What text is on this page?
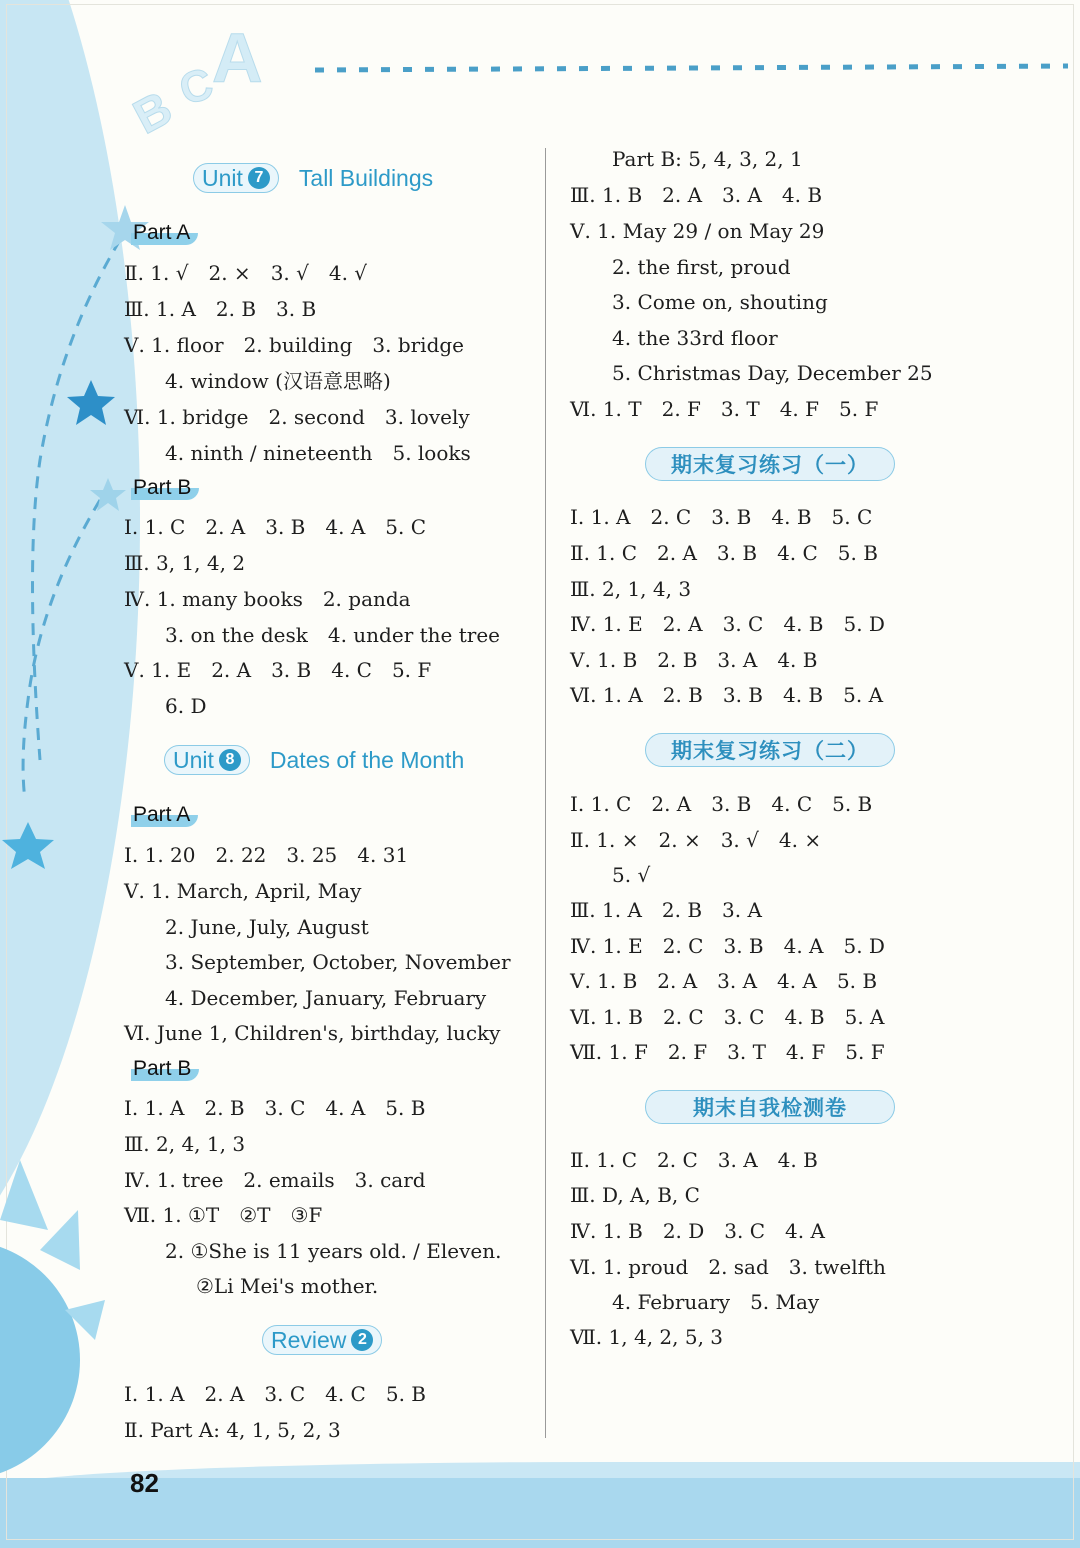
B
C
A
Unit 7 Tall Buildings
Part A
Ⅱ. 1. √　2. ×　3. √　4. √
Ⅲ. 1. A　2. B　3. B
Ⅴ. 1. floor　2. building　3. bridge
4. window (汉语意思略)
Ⅵ. 1. bridge　2. second　3. lovely
4. ninth / nineteenth　5. looks
Part B
Ⅰ. 1. C　2. A　3. B　4. A　5. C
Ⅲ. 3, 1, 4, 2
Ⅳ. 1. many books　2. panda
3. on the desk　4. under the tree
Ⅴ. 1. E　2. A　3. B　4. C　5. F
6. D
Unit 8 Dates of the Month
Part A
Ⅰ. 1. 20　2. 22　3. 25　4. 31
Ⅴ. 1. March, April, May
2. June, July, August
3. September, October, November
4. December, January, February
Ⅵ. June 1, Children's, birthday, lucky
Part B
Ⅰ. 1. A　2. B　3. C　4. A　5. B
Ⅲ. 2, 4, 1, 3
Ⅳ. 1. tree　2. emails　3. card
Ⅶ. 1. ①T　②T　③F
2. ①She is 11 years old. / Eleven.
②Li Mei's mother.
Review 2
Ⅰ. 1. A　2. A　3. C　4. C　5. B
Ⅱ. Part A: 4, 1, 5, 2, 3
Part B: 5, 4, 3, 2, 1
Ⅲ. 1. B　2. A　3. A　4. B
Ⅴ. 1. May 29 / on May 29
2. the first, proud
3. Come on, shouting
4. the 33rd floor
5. Christmas Day, December 25
Ⅵ. 1. T　2. F　3. T　4. F　5. F
期末复习练习（一）
Ⅰ. 1. A　2. C　3. B　4. B　5. C
Ⅱ. 1. C　2. A　3. B　4. C　5. B
Ⅲ. 2, 1, 4, 3
Ⅳ. 1. E　2. A　3. C　4. B　5. D
Ⅴ. 1. B　2. B　3. A　4. B
Ⅵ. 1. A　2. B　3. B　4. B　5. A
期末复习练习（二）
Ⅰ. 1. C　2. A　3. B　4. C　5. B
Ⅱ. 1. ×　2. ×　3. √　4. ×
5. √
Ⅲ. 1. A　2. B　3. A
Ⅳ. 1. E　2. C　3. B　4. A　5. D
Ⅴ. 1. B　2. A　3. A　4. A　5. B
Ⅵ. 1. B　2. C　3. C　4. B　5. A
Ⅶ. 1. F　2. F　3. T　4. F　5. F
期末自我检测卷
Ⅱ. 1. C　2. C　3. A　4. B
Ⅲ. D, A, B, C
Ⅳ. 1. B　2. D　3. C　4. A
Ⅵ. 1. proud　2. sad　3. twelfth
4. February　5. May
Ⅶ. 1, 4, 2, 5, 3
82
